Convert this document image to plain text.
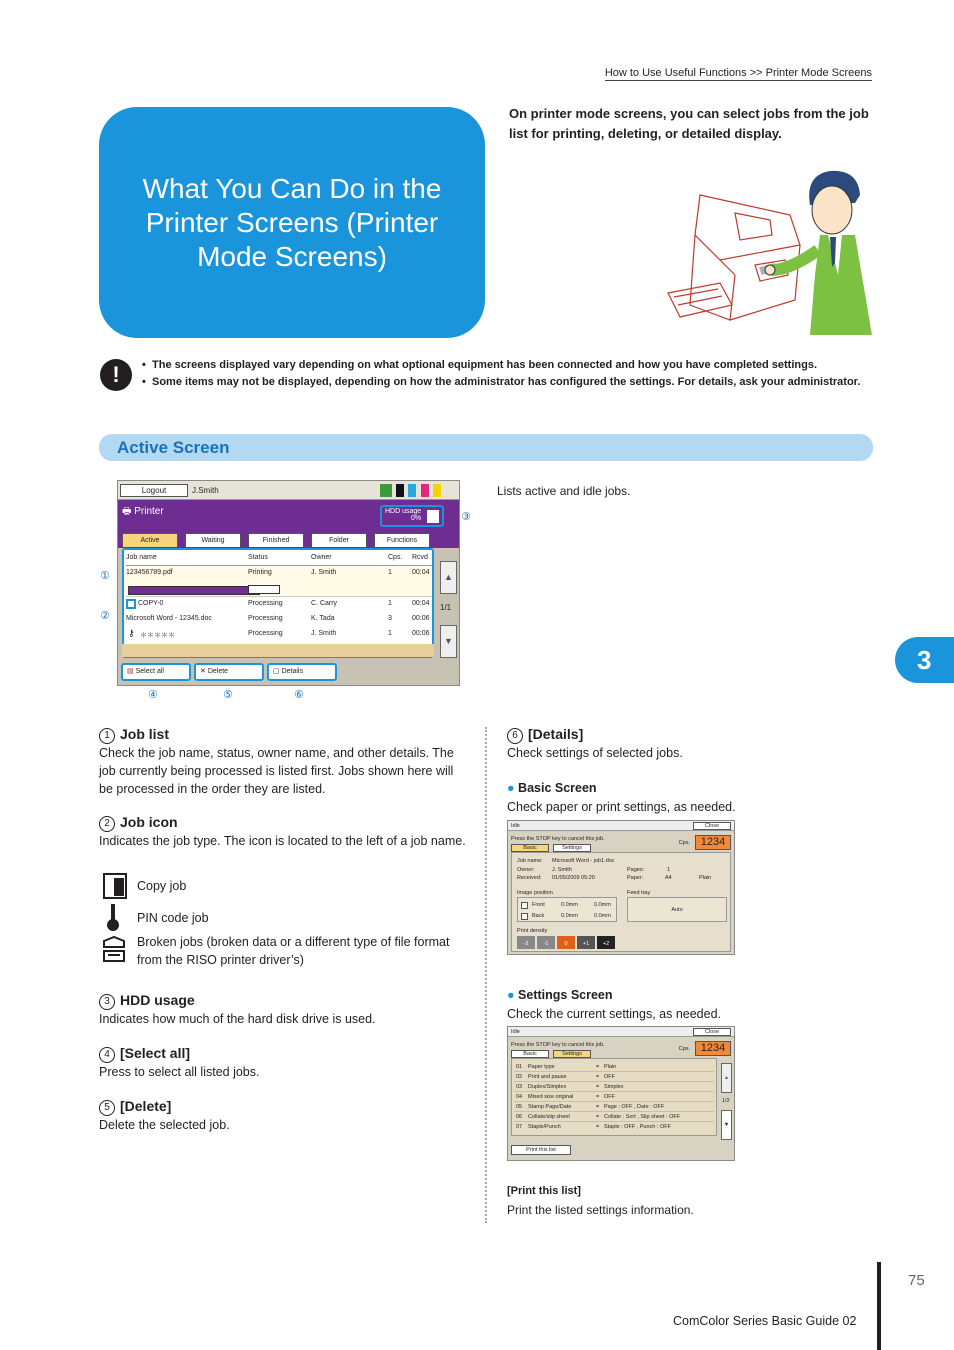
How to Use Useful Functions >> Printer Mode Screens
What You Can Do in the Printer Screens (Printer Mode Screens)
On printer mode screens, you can select jobs from the job list for printing, deleting, or detailed display.
!
•	The screens displayed vary depending on what optional equipment has been connected and how you have completed settings.
• Some items may not be displayed, depending on how the administrator has configured the settings. For details, ask your administrator.
Active Screen
3
Logout	J.Smith

🖶 Printer	HDD usage
0%
Active	Waiting	Finished	Folder	Functions
Job name	Status	Owner	Cps. Rcvd
123456789.pdf	Printing	J. Smith	1	00:04
COPY-0	Processing	C. Carry	1	00:04
Microsoft Word - 12345.doc	Processing	K. Tada	3	00:06
⚷ ＊＊＊＊＊	Processing	J. Smith	1	00:06
▲
1/1
▼
▤ Select all	✕ Delete	▢ Details
①
②
③
④	⑤	⑥
Lists active and idle jobs.
1 Job list
Check the job name, status, owner name, and other details. The job currently being processed is listed first. Jobs shown here will be processed in the order they are listed.
2 Job icon
Indicates the job type. The icon is located to the left of a job name.
Copy job
PIN code job
Broken jobs (broken data or a different type of file format from the RISO printer driver’s)
3 HDD usage
Indicates how much of the hard disk drive is used.
4 [Select all]
Press to select all listed jobs.
5 [Delete]
Delete the selected job.
6 [Details]
Check settings of selected jobs.
● Basic Screen
Check paper or print settings, as needed.
Idle	Close
Press the STOP key to cancel this job.
Cps. 1234
Basic	Settings
Job name: Microsoft Word - job1.doc
Owner:	J. Smith	Pages:	1
Received: 01/05/2009 05:20	Paper:	A4	Plain
Image position
Front	0.0mm	0.0mm
Back	0.0mm	0.0mm
Feed tray
Auto
Print density
-2	-1	0	+1	+2
● Settings Screen
Check the current settings, as needed.
Idle	Close
Press the STOP key to cancel this job.
Cps. 1234
Basic	Settings
01 Paper type	= Plain
02 Print and pause	= OFF
03 Duplex/Simplex	= Simplex
04 Mixed size original	= OFF
05 Stamp Page/Date	= Page : OFF , Date : OFF
06 Collate/slip sheet	= Collate : Sort , Slip sheet : OFF
07 Staple/Punch	= Staple : OFF , Punch : OFF
▲
1/2
▼
Print this list
[Print this list]
Print the listed settings information.
75
ComColor Series Basic Guide 02
